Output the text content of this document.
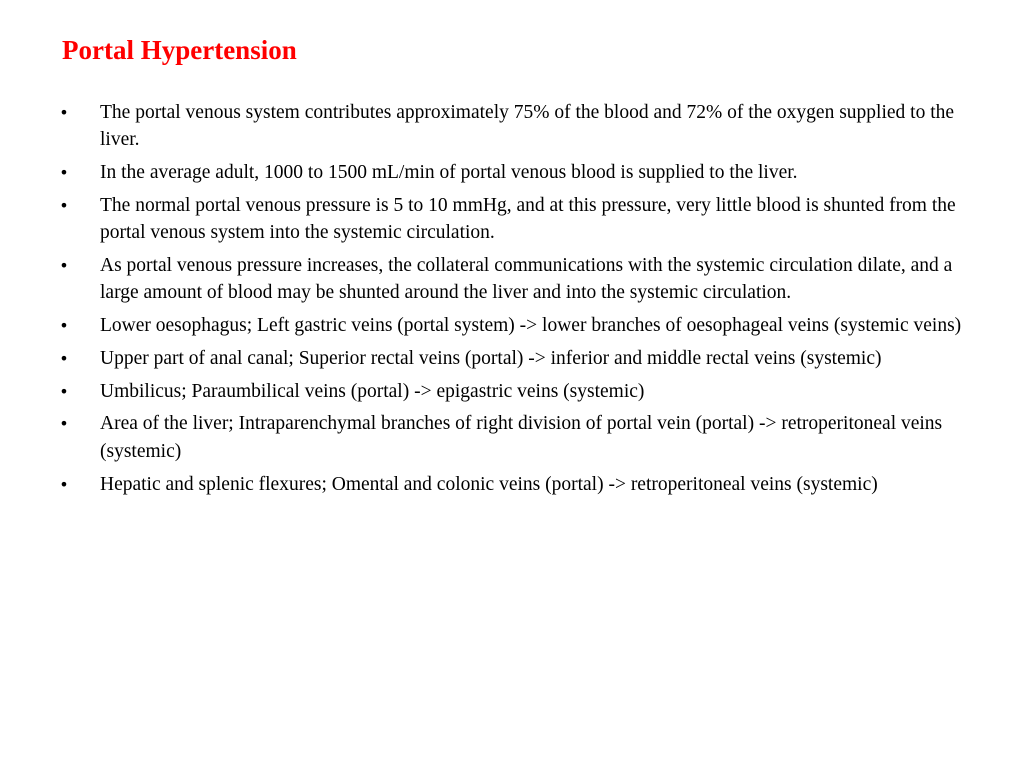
Portal Hypertension
• The portal venous system contributes approximately 75% of the blood and 72% of the oxygen supplied to the liver.
• In the average adult, 1000 to 1500 mL/min of portal venous blood is supplied to the liver.
• The normal portal venous pressure is 5 to 10 mmHg, and at this pressure, very little blood is shunted from the portal venous system into the systemic circulation.
• As portal venous pressure increases, the collateral communications with the systemic circulation dilate, and a large amount of blood may be shunted around the liver and into the systemic circulation.
• Lower oesophagus; Left gastric veins (portal system) -> lower branches of oesophageal veins (systemic veins)
• Upper part of anal canal; Superior rectal veins (portal) -> inferior and middle rectal veins (systemic)
• Umbilicus; Paraumbilical veins (portal) -> epigastric veins (systemic)
• Area of the liver; Intraparenchymal branches of right division of portal vein (portal) -> retroperitoneal veins (systemic)
• Hepatic and splenic flexures; Omental and colonic veins (portal) -> retroperitoneal veins (systemic)
